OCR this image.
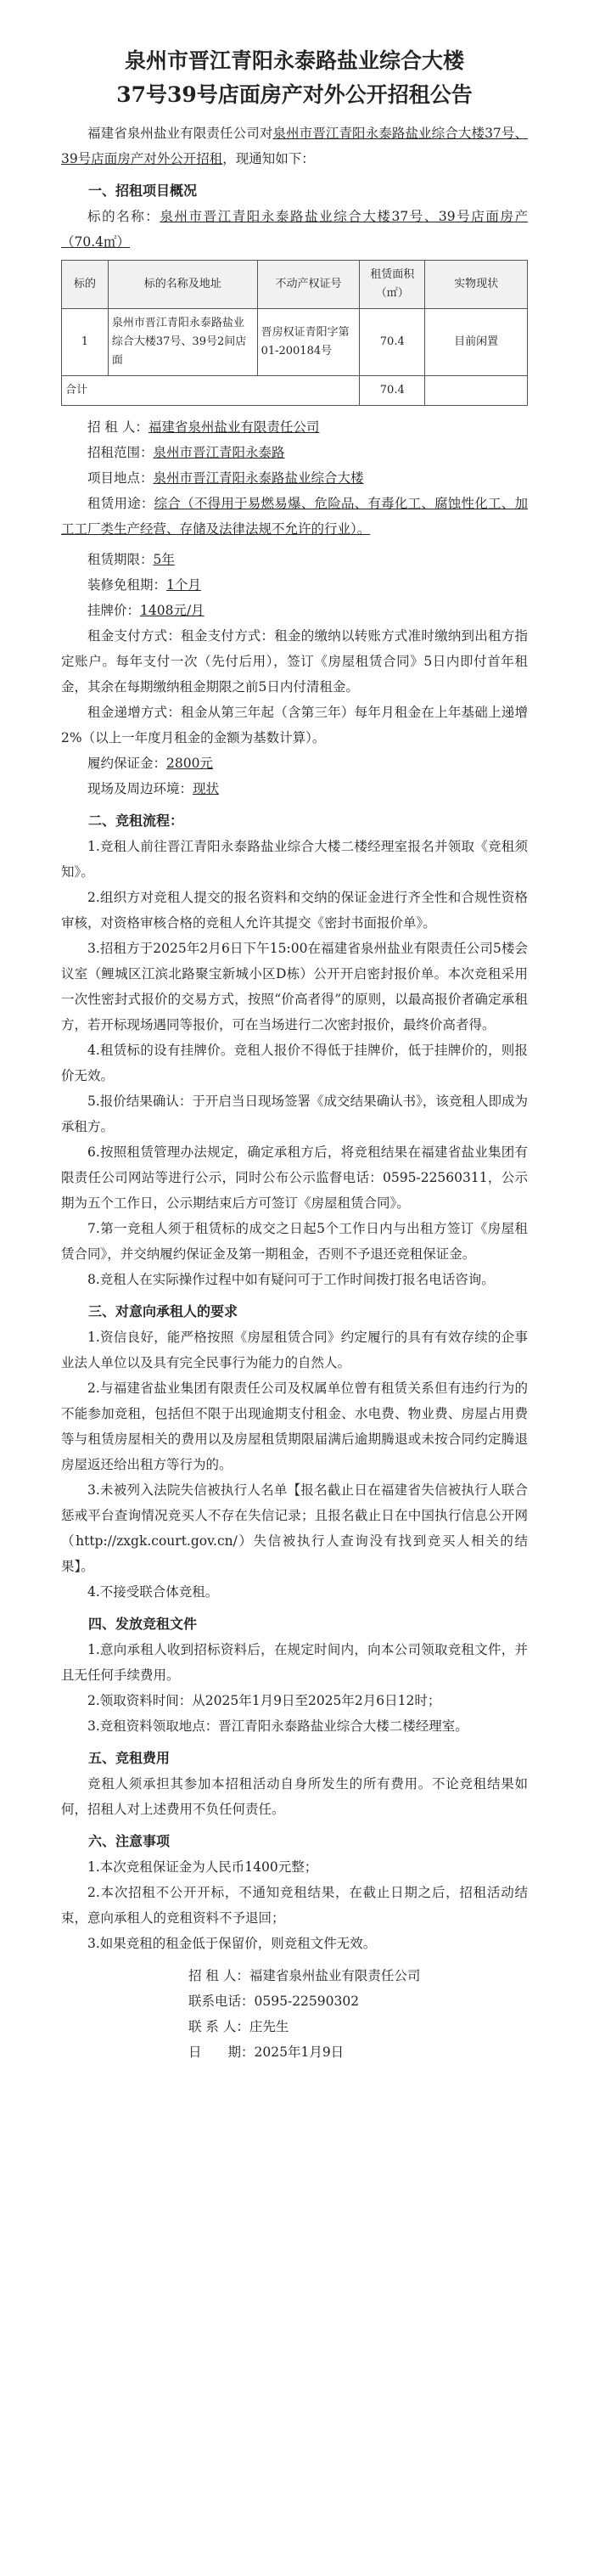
泉州市晋江青阳永泰路盐业综合大楼
37号39号店面房产对外公开招租公告

福建省泉州盐业有限责任公司对泉州市晋江青阳永泰路盐业综合大楼37号、39号店面房产对外公开招租，现通知如下：

一、招租项目概况

标的名称：泉州市晋江青阳永泰路盐业综合大楼37号、39号店面房产（70.4㎡）

标的	标的名称及地址	不动产权证号	租赁面积（㎡）	实物现状
1	泉州市晋江青阳永泰路盐业综合大楼37号、39号2间店面	晋房权证青阳字第01-200184号	70.4	目前闲置
合计			70.4	

招 租 人：福建省泉州盐业有限责任公司

招租范围：泉州市晋江青阳永泰路

项目地点：泉州市晋江青阳永泰路盐业综合大楼

租赁用途：综合（不得用于易燃易爆、危险品、有毒化工、腐蚀性化工、加工工厂类生产经营、存储及法律法规不允许的行业）。

租赁期限：5年

装修免租期：1个月

挂牌价：1408元/月

租金支付方式：租金支付方式：租金的缴纳以转账方式准时缴纳到出租方指定账户。每年支付一次（先付后用），签订《房屋租赁合同》5日内即付首年租金，其余在每期缴纳租金期限之前5日内付清租金。

租金递增方式：租金从第三年起（含第三年）每年月租金在上年基础上递增2%（以上一年度月租金的金额为基数计算）。

履约保证金：2800元

现场及周边环境：现状

二、竞租流程：

1.竞租人前往晋江青阳永泰路盐业综合大楼二楼经理室报名并领取《竞租须知》。

2.组织方对竞租人提交的报名资料和交纳的保证金进行齐全性和合规性资格审核，对资格审核合格的竞租人允许其提交《密封书面报价单》。

3.招租方于2025年2月6日下午15:00在福建省泉州盐业有限责任公司5楼会议室（鲤城区江滨北路聚宝新城小区D栋）公开开启密封报价单。本次竞租采用一次性密封式报价的交易方式，按照“价高者得”的原则，以最高报价者确定承租方，若开标现场遇同等报价，可在当场进行二次密封报价，最终价高者得。

4.租赁标的设有挂牌价。竞租人报价不得低于挂牌价，低于挂牌价的，则报价无效。

5.报价结果确认：于开启当日现场签署《成交结果确认书》，该竞租人即成为承租方。

6.按照租赁管理办法规定，确定承租方后，将竞租结果在福建省盐业集团有限责任公司网站等进行公示，同时公布公示监督电话：0595-22560311，公示期为五个工作日，公示期结束后方可签订《房屋租赁合同》。

7.第一竞租人须于租赁标的成交之日起5个工作日内与出租方签订《房屋租赁合同》，并交纳履约保证金及第一期租金，否则不予退还竞租保证金。

8.竞租人在实际操作过程中如有疑问可于工作时间拨打报名电话咨询。

三、对意向承租人的要求

1.资信良好，能严格按照《房屋租赁合同》约定履行的具有有效存续的企事业法人单位以及具有完全民事行为能力的自然人。

2.与福建省盐业集团有限责任公司及权属单位曾有租赁关系但有违约行为的不能参加竞租，包括但不限于出现逾期支付租金、水电费、物业费、房屋占用费等与租赁房屋相关的费用以及房屋租赁期限届满后逾期腾退或未按合同约定腾退房屋返还给出租方等行为的。

3.未被列入法院失信被执行人名单【报名截止日在福建省失信被执行人联合惩戒平台查询情况竞买人不存在失信记录；且报名截止日在中国执行信息公开网（http://zxgk.court.gov.cn/）失信被执行人查询没有找到竞买人相关的结果】。

4.不接受联合体竞租。

四、发放竞租文件

1.意向承租人收到招标资料后，在规定时间内，向本公司领取竞租文件，并且无任何手续费用。

2.领取资料时间：从2025年1月9日至2025年2月6日12时；

3.竞租资料领取地点：晋江青阳永泰路盐业综合大楼二楼经理室。

五、竞租费用

竞租人须承担其参加本招租活动自身所发生的所有费用。不论竞租结果如何，招租人对上述费用不负任何责任。

六、注意事项

1.本次竞租保证金为人民币1400元整；

2.本次招租不公开开标，不通知竞租结果，在截止日期之后，招租活动结束，意向承租人的竞租资料不予退回；

3.如果竞租的租金低于保留价，则竞租文件无效。

招 租 人：福建省泉州盐业有限责任公司
联系电话：0595-22590302
联 系 人：庄先生
日　　期：2025年1月9日
